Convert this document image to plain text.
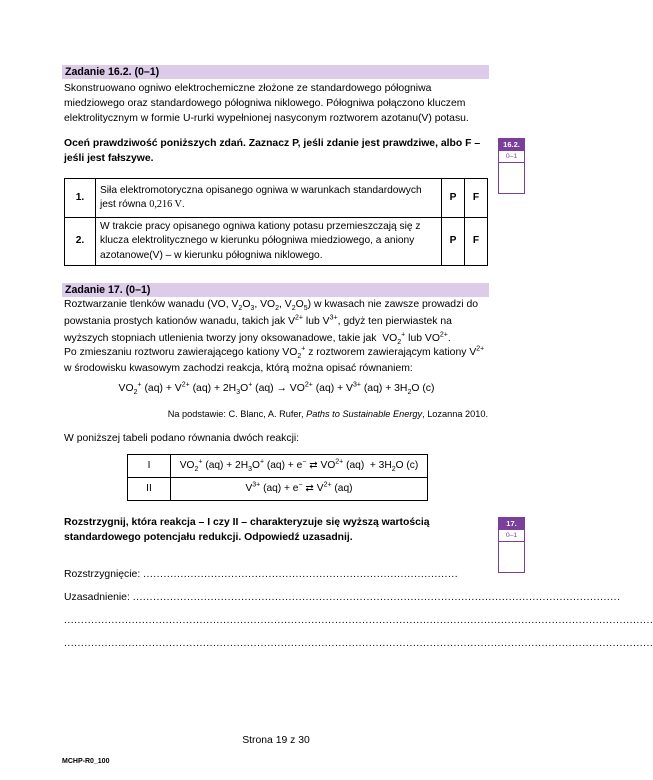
Zadanie 16.2. (0–1)
Skonstruowano ogniwo elektrochemiczne złożone ze standardowego półogniwa miedziowego oraz standardowego półogniwa niklowego. Półogniwa połączono kluczem elektrolitycznym w formie U-rurki wypełnionej nasyconym roztworem azotanu(V) potasu.
Oceń prawdziwość poniższych zdań. Zaznacz P, jeśli zdanie jest prawdziwe, albo F – jeśli jest fałszywe.
16.2.
0–1
1.	Siła elektromotoryczna opisanego ogniwa w warunkach standardowych
jest równa 0,216 V.	P	F
2.	W trakcie pracy opisanego ogniwa kationy potasu przemieszczają się z klucza elektrolitycznego w kierunku półogniwa miedziowego, a aniony azotanowe(V) – w kierunku półogniwa niklowego.	P	F
Zadanie 17. (0–1)
Roztwarzanie tlenków wanadu (VO, $V_2O_3$, $VO_2$, $V_2O_5$) w kwasach nie zawsze prowadzi do powstania prostych kationów wanadu, takich jak $V^{2+}$ lub $V^{3+}$, gdyż ten pierwiastek na wyższych stopniach utlenienia tworzy jony oksowanadowe, takie jak  $VO_2^+$ lub $VO^{2+}$.
Po zmieszaniu roztworu zawierającego kationy $VO_2^+$ z roztworem zawierającym kationy $V^{2+}$ w środowisku kwasowym zachodzi reakcja, którą można opisać równaniem:
$VO_2^+$ $(aq) + V^{2+}$ $(aq) + 2H_3O^+$ $(aq) \to VO^{2+}$ $(aq) + V^{3+}$ $(aq) + 3H_2O$ (c)
Na podstawie: C. Blanc, A. Rufer, Paths to Sustainable Energy, Lozanna 2010.
W poniższej tabeli podano równania dwóch reakcji:
I	$VO_2^+$ $(aq) + 2H_3O^+$ (aq) + e− ⇄ $VO^{2+}$ $(aq) + 3H_2O$ (c)
II	$V^{3+}$ (aq) + e− ⇄ $V^{2+}$ (aq)
Rozstrzygnij, która reakcja – I czy II – charakteryzuje się wyższą wartością standardowego potencjału redukcji. Odpowiedź uzasadnij.
17.
0–1
Rozstrzygnięcie: .............................................................................................
Uzasadnienie: ................................................................................................................................................
..............................................................................................................................................................................
..............................................................................................................................................................................
Strona 19 z 30
MCHP-R0_100
